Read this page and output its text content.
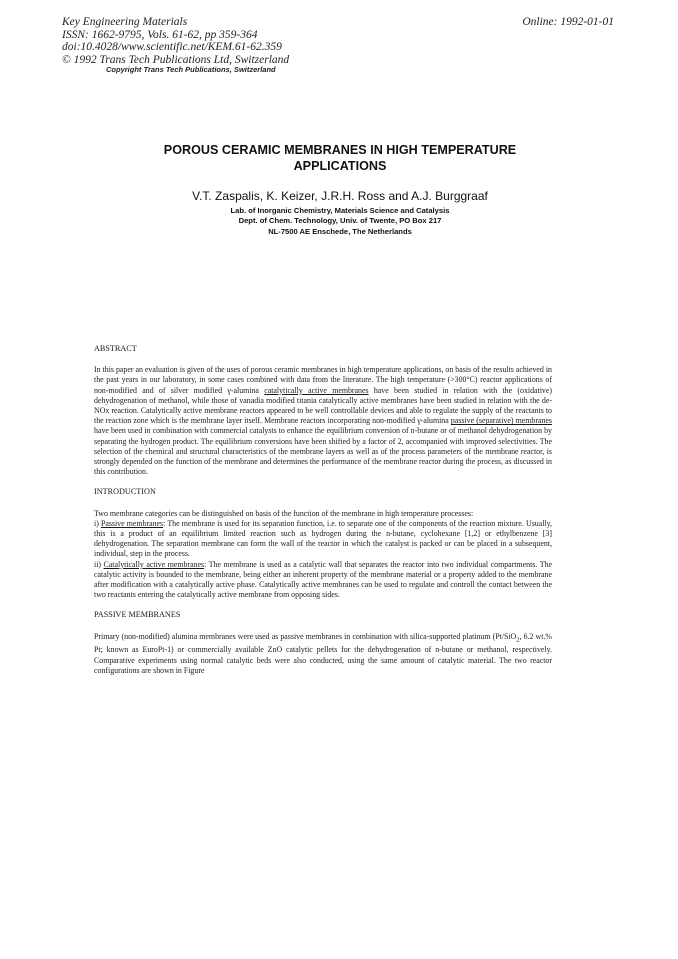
Key Engineering Materials
ISSN: 1662-9795, Vols. 61-62, pp 359-364
doi:10.4028/www.scientific.net/KEM.61-62.359
© 1992 Trans Tech Publications Ltd, Switzerland
Online: 1992-01-01
Copyright Trans Tech Publications, Switzerland
POROUS CERAMIC MEMBRANES IN HIGH TEMPERATURE
APPLICATIONS
V.T. Zaspalis, K. Keizer, J.R.H. Ross and A.J. Burggraaf
Lab. of Inorganic Chemistry, Materials Science and Catalysis
Dept. of Chem. Technology, Univ. of Twente, PO Box 217
NL-7500 AE Enschede, The Netherlands

ABSTRACT

In this paper an evaluation is given of the uses of porous ceramic membranes in high temperature applications, on basis of the results achieved in the past years in our laboratory, in some cases combined with data from the literature. The high temperature (>300°C) reactor applications of non-modified and of silver modified γ-alumina catalytically active membranes have been studied in relation with the (oxidative) dehydrogenation of methanol, while those of vanadia modified titania catalytically active membranes have been studied in relation with the de-NOx reaction. Catalytically active membrane reactors appeared to be well controllable devices and able to regulate the supply of the reactants to the reaction zone which is the membrane layer itself. Membrane reactors incorporating non-modified γ-alumina passive (separative) membranes have been used in combination with commercial catalysts to enhance the equilibrium conversion of n-butane or of methanol dehydrogenation by separating the hydrogen product. The equilibrium conversions have been shifted by a factor of 2, accompanied with improved selectivities. The selection of the chemical and structural characteristics of the membrane layers as well as of the process parameters of the membrane reactor, is strongly depended on the function of the membrane and determines the performance of the membrane reactor during the process, as discussed in this contribution.

INTRODUCTION

Two membrane categories can be distinguished on basis of the function of the membrane in high temperature processes:

i) Passive membranes: The membrane is used for its separation function, i.e. to separate one of the components of the reaction mixture. Usually, this is a product of an equilibrium limited reaction such as hydrogen during the n-butane, cyclohexane [1,2] or ethylbenzene [3] dehydrogenation. The separation membrane can form the wall of the reactor in which the catalyst is packed or can be placed in a subsequent, individual, step in the process.

ii) Catalytically active membranes: The membrane is used as a catalytic wall that separates the reactor into two individual compartments. The catalytic activity is bounded to the membrane, being either an inherent property of the membrane material or a property added to the membrane after modification with a catalytically active phase. Catalytically active membranes can be used to regulate and controll the contact between the two reactants entering the catalytically active membrane from opposing sides.

PASSIVE MEMBRANES

Primary (non-modified) alumina membranes were used as passive membranes in combination with silica-supported platinum (Pt/SiO$_2$, 6.2 wt.% Pt; known as EuroPt-1) or commercially available ZnO catalytic pellets for the dehydrogenation of n-butane or methanol, respectively. Comparative experiments using normal catalytic beds were also conducted, using the same amount of catalytic material. The two reactor configurations are shown in Figure
